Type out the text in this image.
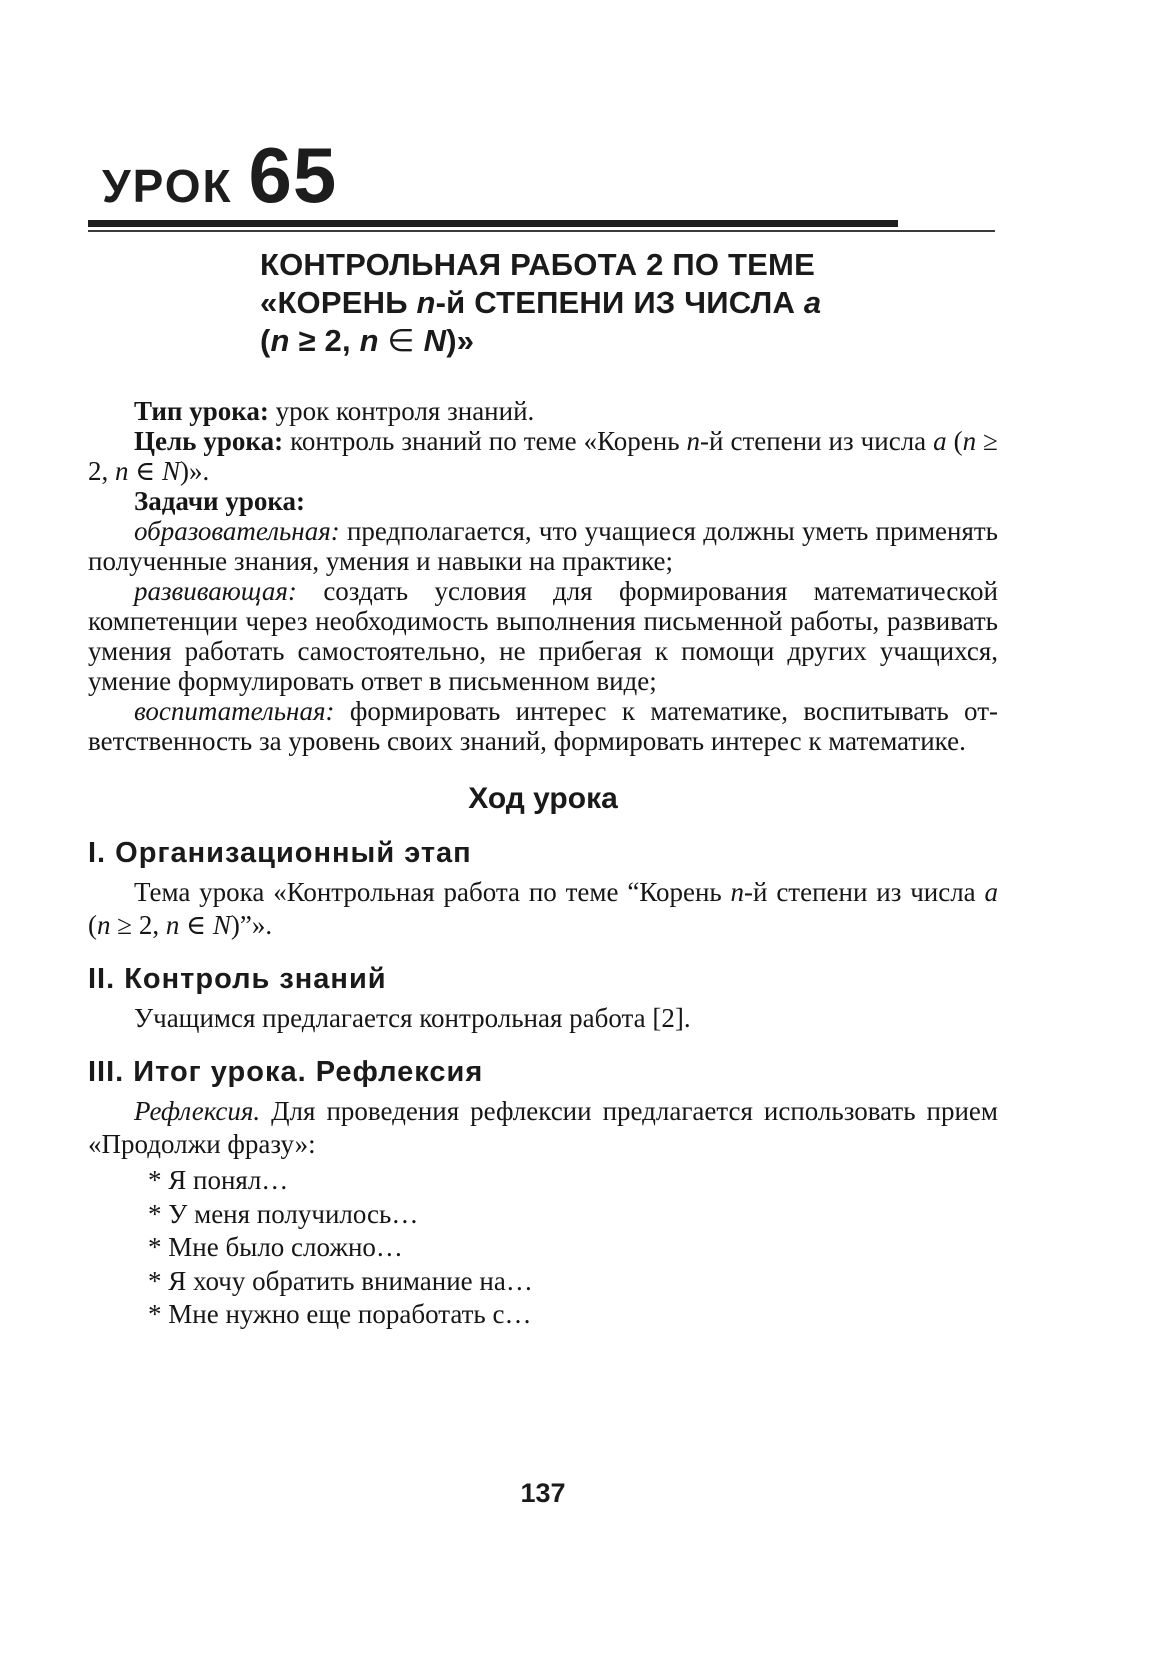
УРОК 65
КОНТРОЛЬНАЯ РАБОТА 2 ПО ТЕМЕ
«КОРЕНЬ n-й СТЕПЕНИ ИЗ ЧИСЛА a
(n ≥ 2, n ∈ N)»

Тип урока: урок контроля знаний.

Цель урока: контроль знаний по теме «Корень n-й степени из числа a (n ≥ 2, n ∈ N)».

Задачи урока:

образовательная: предполагается, что учащиеся должны уметь применять полученные знания, умения и навыки на практике;

развивающая: создать условия для формирования математической компетенции через необходимость выполнения письменной работы, развивать умения работать самостоятельно, не прибегая к помощи других учащихся, умение формулировать ответ в письменном виде;

воспитательная: формировать интерес к математике, воспитывать ответственность за уровень своих знаний, формировать интерес к математике.

Ход урока
I. Организационный этап

Тема урока «Контрольная работа по теме “Корень n-й степени из числа a (n ≥ 2, n ∈ N)”».

II. Контроль знаний

Учащимся предлагается контрольная работа [2].

III. Итог урока. Рефлексия

Рефлексия. Для проведения рефлексии предлагается использовать прием «Продолжи фразу»:

* Я понял…
* У меня получилось…
* Мне было сложно…
* Я хочу обратить внимание на…
* Мне нужно еще поработать с…
137
